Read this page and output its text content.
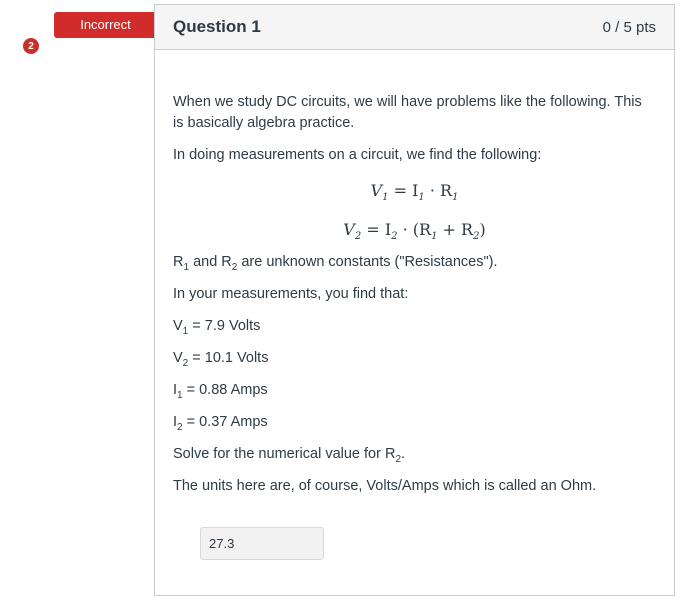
2
Incorrect	Question 1	0 / 5 pts

When we study DC circuits, we will have problems like the following. This is basically algebra practice.

In doing measurements on a circuit, we find the following:

$V_1 = I_1 \cdot R_1$

$V_2 = I_2 \cdot (R_1 + R_2)$

$R_1$ and $R_2$ are unknown constants ("Resistances").

In your measurements, you find that:

$V_1 = 7.9$ Volts

$V_2 = 10.1$ Volts

$I_1 = 0.88$ Amps

$I_2 = 0.37$ Amps

Solve for the numerical value for $R_2$.

The units here are, of course, Volts/Amps which is called an Ohm.

27.3
